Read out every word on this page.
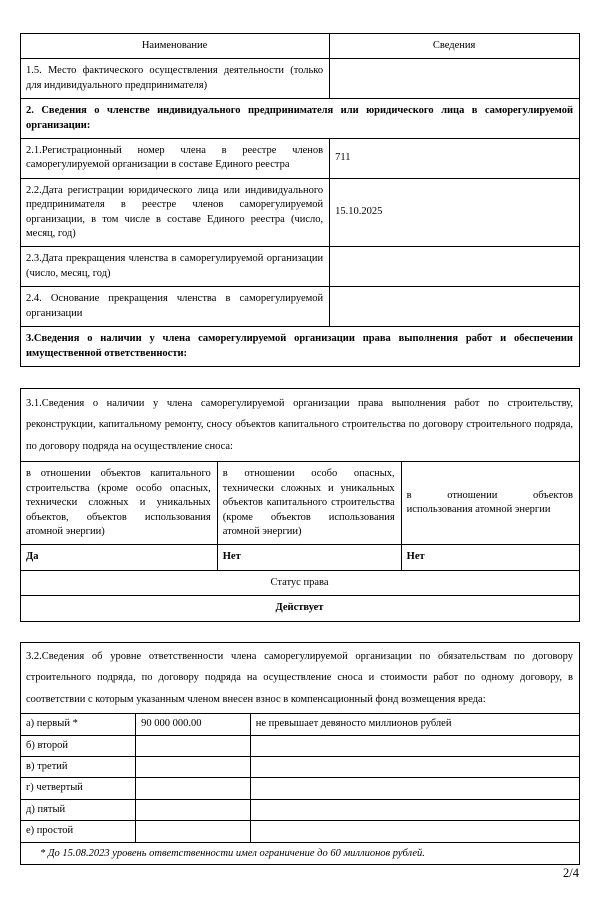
Наименование	Сведения
1.5. Место фактического осуществления деятельности (только для индивидуального предпринимателя)	
2. Сведения о членстве индивидуального предпринимателя или юридического лица в саморегулируемой организации:	
2.1.Регистрационный номер члена в реестре членов саморегулируемой организации в составе Единого реестра	711
2.2.Дата регистрации юридического лица или индивидуального предпринимателя в реестре членов саморегулируемой организации, в том числе в составе Единого реестра (число, месяц, год)	15.10.2025
2.3.Дата прекращения членства в саморегулируемой организации (число, месяц, год)	
2.4. Основание прекращения членства в саморегулируемой организации	
3.Сведения о наличии у члена саморегулируемой организации права выполнения работ и обеспечении имущественной ответственности:	
3.1.Сведения о наличии у члена саморегулируемой организации права выполнения работ по строительству, реконструкции, капитальному ремонту, сносу объектов капитального строительства по договору строительного подряда, по договору подряда на осуществление сноса:		
в отношении объектов капитального строительства (кроме особо опасных, технически сложных и уникальных объектов, объектов использования атомной энергии)	в отношении особо опасных, технически сложных и уникальных объектов капитального строительства (кроме объектов использования атомной энергии)	в отношении объектов использования атомной энергии
Да	Нет	Нет
Статус права		
Действует		
3.2.Сведения об уровне ответственности члена саморегулируемой организации по обязательствам по договору строительного подряда, по договору подряда на осуществление сноса и стоимости работ по одному договору, в соответствии с которым указанным членом внесен взнос в компенсационный фонд возмещения вреда:		
а) первый *	90 000 000.00	не превышает девяносто миллионов рублей
б) второй		
в) третий		
г) четвертый		
д) пятый		
е) простой		
* До 15.08.2023 уровень ответственности имел ограничение до 60 миллионов рублей.		
2/4
